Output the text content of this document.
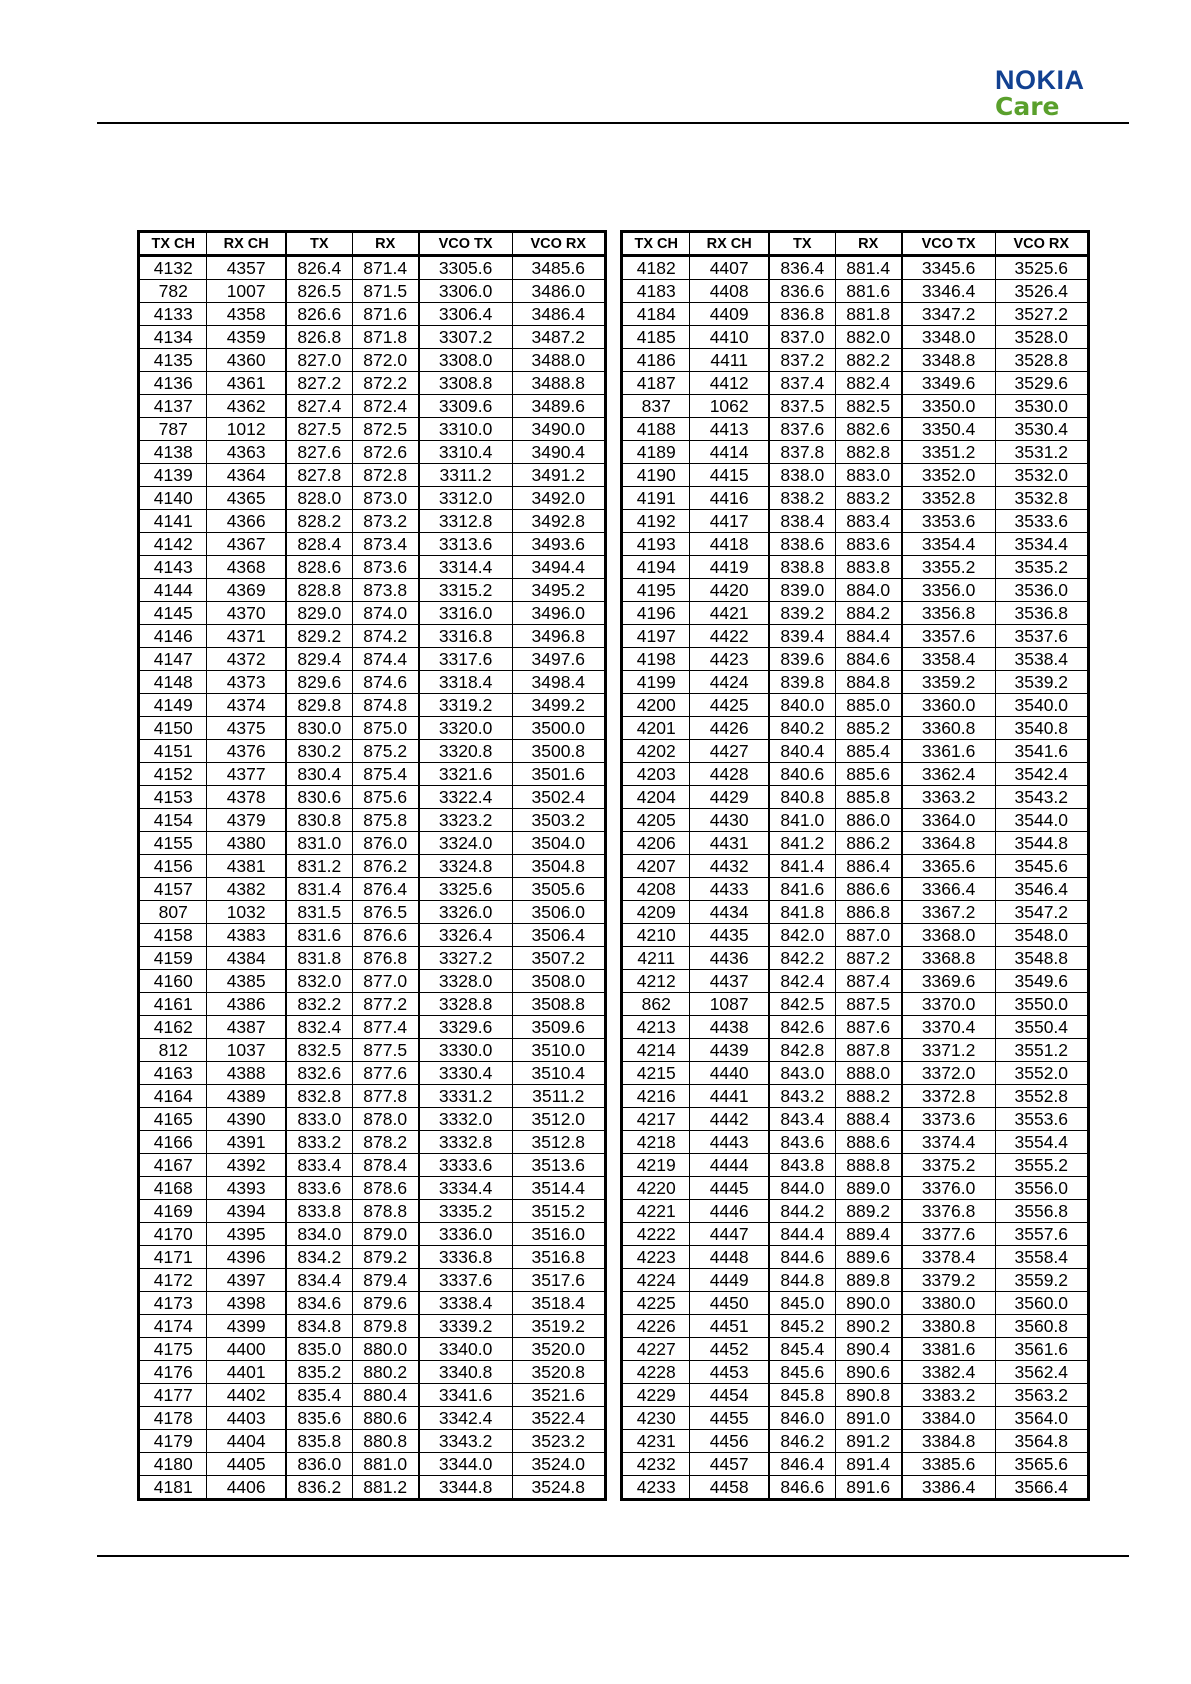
NOKIA
Care
TX CH	RX CH	TX	RX	VCO TX	VCO RX
4132	4357	826.4	871.4	3305.6	3485.6
782	1007	826.5	871.5	3306.0	3486.0
4133	4358	826.6	871.6	3306.4	3486.4
4134	4359	826.8	871.8	3307.2	3487.2
4135	4360	827.0	872.0	3308.0	3488.0
4136	4361	827.2	872.2	3308.8	3488.8
4137	4362	827.4	872.4	3309.6	3489.6
787	1012	827.5	872.5	3310.0	3490.0
4138	4363	827.6	872.6	3310.4	3490.4
4139	4364	827.8	872.8	3311.2	3491.2
4140	4365	828.0	873.0	3312.0	3492.0
4141	4366	828.2	873.2	3312.8	3492.8
4142	4367	828.4	873.4	3313.6	3493.6
4143	4368	828.6	873.6	3314.4	3494.4
4144	4369	828.8	873.8	3315.2	3495.2
4145	4370	829.0	874.0	3316.0	3496.0
4146	4371	829.2	874.2	3316.8	3496.8
4147	4372	829.4	874.4	3317.6	3497.6
4148	4373	829.6	874.6	3318.4	3498.4
4149	4374	829.8	874.8	3319.2	3499.2
4150	4375	830.0	875.0	3320.0	3500.0
4151	4376	830.2	875.2	3320.8	3500.8
4152	4377	830.4	875.4	3321.6	3501.6
4153	4378	830.6	875.6	3322.4	3502.4
4154	4379	830.8	875.8	3323.2	3503.2
4155	4380	831.0	876.0	3324.0	3504.0
4156	4381	831.2	876.2	3324.8	3504.8
4157	4382	831.4	876.4	3325.6	3505.6
807	1032	831.5	876.5	3326.0	3506.0
4158	4383	831.6	876.6	3326.4	3506.4
4159	4384	831.8	876.8	3327.2	3507.2
4160	4385	832.0	877.0	3328.0	3508.0
4161	4386	832.2	877.2	3328.8	3508.8
4162	4387	832.4	877.4	3329.6	3509.6
812	1037	832.5	877.5	3330.0	3510.0
4163	4388	832.6	877.6	3330.4	3510.4
4164	4389	832.8	877.8	3331.2	3511.2
4165	4390	833.0	878.0	3332.0	3512.0
4166	4391	833.2	878.2	3332.8	3512.8
4167	4392	833.4	878.4	3333.6	3513.6
4168	4393	833.6	878.6	3334.4	3514.4
4169	4394	833.8	878.8	3335.2	3515.2
4170	4395	834.0	879.0	3336.0	3516.0
4171	4396	834.2	879.2	3336.8	3516.8
4172	4397	834.4	879.4	3337.6	3517.6
4173	4398	834.6	879.6	3338.4	3518.4
4174	4399	834.8	879.8	3339.2	3519.2
4175	4400	835.0	880.0	3340.0	3520.0
4176	4401	835.2	880.2	3340.8	3520.8
4177	4402	835.4	880.4	3341.6	3521.6
4178	4403	835.6	880.6	3342.4	3522.4
4179	4404	835.8	880.8	3343.2	3523.2
4180	4405	836.0	881.0	3344.0	3524.0
4181	4406	836.2	881.2	3344.8	3524.8
TX CH	RX CH	TX	RX	VCO TX	VCO RX
4182	4407	836.4	881.4	3345.6	3525.6
4183	4408	836.6	881.6	3346.4	3526.4
4184	4409	836.8	881.8	3347.2	3527.2
4185	4410	837.0	882.0	3348.0	3528.0
4186	4411	837.2	882.2	3348.8	3528.8
4187	4412	837.4	882.4	3349.6	3529.6
837	1062	837.5	882.5	3350.0	3530.0
4188	4413	837.6	882.6	3350.4	3530.4
4189	4414	837.8	882.8	3351.2	3531.2
4190	4415	838.0	883.0	3352.0	3532.0
4191	4416	838.2	883.2	3352.8	3532.8
4192	4417	838.4	883.4	3353.6	3533.6
4193	4418	838.6	883.6	3354.4	3534.4
4194	4419	838.8	883.8	3355.2	3535.2
4195	4420	839.0	884.0	3356.0	3536.0
4196	4421	839.2	884.2	3356.8	3536.8
4197	4422	839.4	884.4	3357.6	3537.6
4198	4423	839.6	884.6	3358.4	3538.4
4199	4424	839.8	884.8	3359.2	3539.2
4200	4425	840.0	885.0	3360.0	3540.0
4201	4426	840.2	885.2	3360.8	3540.8
4202	4427	840.4	885.4	3361.6	3541.6
4203	4428	840.6	885.6	3362.4	3542.4
4204	4429	840.8	885.8	3363.2	3543.2
4205	4430	841.0	886.0	3364.0	3544.0
4206	4431	841.2	886.2	3364.8	3544.8
4207	4432	841.4	886.4	3365.6	3545.6
4208	4433	841.6	886.6	3366.4	3546.4
4209	4434	841.8	886.8	3367.2	3547.2
4210	4435	842.0	887.0	3368.0	3548.0
4211	4436	842.2	887.2	3368.8	3548.8
4212	4437	842.4	887.4	3369.6	3549.6
862	1087	842.5	887.5	3370.0	3550.0
4213	4438	842.6	887.6	3370.4	3550.4
4214	4439	842.8	887.8	3371.2	3551.2
4215	4440	843.0	888.0	3372.0	3552.0
4216	4441	843.2	888.2	3372.8	3552.8
4217	4442	843.4	888.4	3373.6	3553.6
4218	4443	843.6	888.6	3374.4	3554.4
4219	4444	843.8	888.8	3375.2	3555.2
4220	4445	844.0	889.0	3376.0	3556.0
4221	4446	844.2	889.2	3376.8	3556.8
4222	4447	844.4	889.4	3377.6	3557.6
4223	4448	844.6	889.6	3378.4	3558.4
4224	4449	844.8	889.8	3379.2	3559.2
4225	4450	845.0	890.0	3380.0	3560.0
4226	4451	845.2	890.2	3380.8	3560.8
4227	4452	845.4	890.4	3381.6	3561.6
4228	4453	845.6	890.6	3382.4	3562.4
4229	4454	845.8	890.8	3383.2	3563.2
4230	4455	846.0	891.0	3384.0	3564.0
4231	4456	846.2	891.2	3384.8	3564.8
4232	4457	846.4	891.4	3385.6	3565.6
4233	4458	846.6	891.6	3386.4	3566.4
